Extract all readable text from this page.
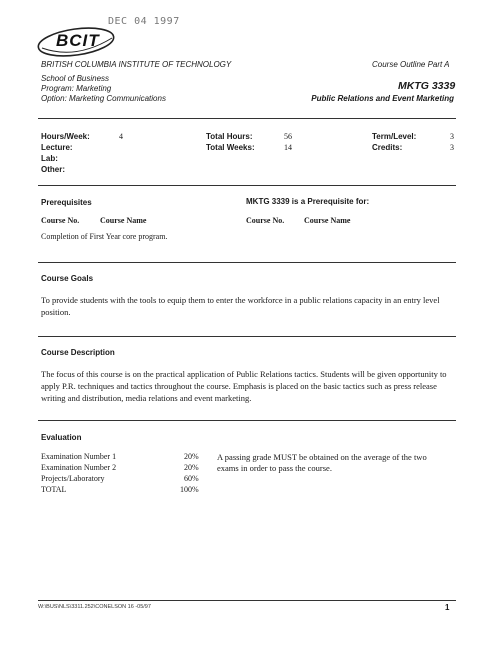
DEC 04 1997
BCIT
BRITISH COLUMBIA INSTITUTE OF TECHNOLOGY	Course Outline Part A
School of Business
Program: Marketing
Option: Marketing Communications
MKTG 3339
Public Relations and Event Marketing
Hours/Week:	4
Lecture:
Lab:
Other:
Total Hours:	56
Total Weeks:	14
Term/Level:	3
Credits:	3
Prerequisites	MKTG 3339 is a Prerequisite for:
Course No.	Course Name	Course No. Course Name
Completion of First Year core program.
Course Goals
To provide students with the tools to equip them to enter the workforce in a public relations capacity in an entry level position.
Course Description
The focus of this course is on the practical application of Public Relations tactics. Students will be given opportunity to apply P.R. techniques and tactics throughout the course. Emphasis is placed on the basic tactics such as press release writing and distribution, media relations and event marketing.
Evaluation
Examination Number 1	20%
Examination Number 2	20%
Projects/Laboratory	60%
TOTAL	100%
A passing grade MUST be obtained on the average of the two exams in order to pass the course.
W:\BUS\NLS\3311.252\CONELSON 16 -05/97	1
